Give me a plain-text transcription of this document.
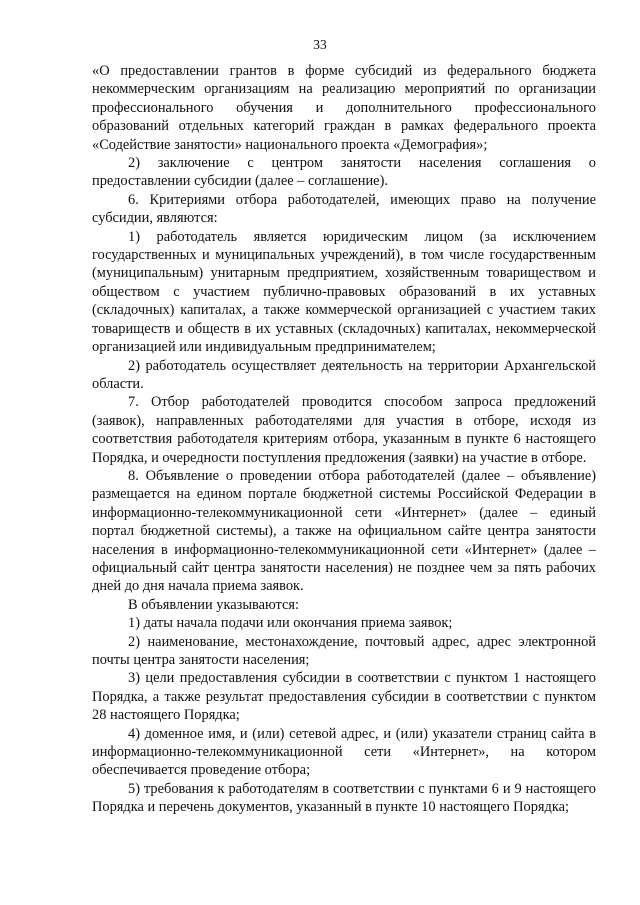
33

«О предоставлении грантов в форме субсидий из федерального бюджета некоммерческим организациям на реализацию мероприятий по организации профессионального обучения и дополнительного профессионального образований отдельных категорий граждан в рамках федерального проекта «Содействие занятости» национального проекта «Демография»;

2) заключение с центром занятости населения соглашения о предоставлении субсидии (далее – соглашение).

6. Критериями отбора работодателей, имеющих право на получение субсидии, являются:

1) работодатель является юридическим лицом (за исключением государственных и муниципальных учреждений), в том числе государственным (муниципальным) унитарным предприятием, хозяйственным товариществом и обществом с участием публично-правовых образований в их уставных (складочных) капиталах, а также коммерческой организацией с участием таких товариществ и обществ в их уставных (складочных) капиталах, некоммерческой организацией или индивидуальным предпринимателем;

2) работодатель осуществляет деятельность на территории Архангельской области.

7. Отбор работодателей проводится способом запроса предложений (заявок), направленных работодателями для участия в отборе, исходя из соответствия работодателя критериям отбора, указанным в пункте 6 настоящего Порядка, и очередности поступления предложения (заявки) на участие в отборе.

8. Объявление о проведении отбора работодателей (далее – объявление) размещается на едином портале бюджетной системы Российской Федерации в информационно-телекоммуникационной сети «Интернет» (далее – единый портал бюджетной системы), а также на официальном сайте центра занятости населения в информационно-телекоммуникационной сети «Интернет» (далее – официальный сайт центра занятости населения) не позднее чем за пять рабочих дней до дня начала приема заявок.

В объявлении указываются:

1) даты начала подачи или окончания приема заявок;

2) наименование, местонахождение, почтовый адрес, адрес электронной почты центра занятости населения;

3) цели предоставления субсидии в соответствии с пунктом 1 настоящего Порядка, а также результат предоставления субсидии в соответствии с пунктом 28 настоящего Порядка;

4) доменное имя, и (или) сетевой адрес, и (или) указатели страниц сайта в информационно-телекоммуникационной сети «Интернет», на котором обеспечивается проведение отбора;

5) требования к работодателям в соответствии с пунктами 6 и 9 настоящего Порядка и перечень документов, указанный в пункте 10 настоящего Порядка;
